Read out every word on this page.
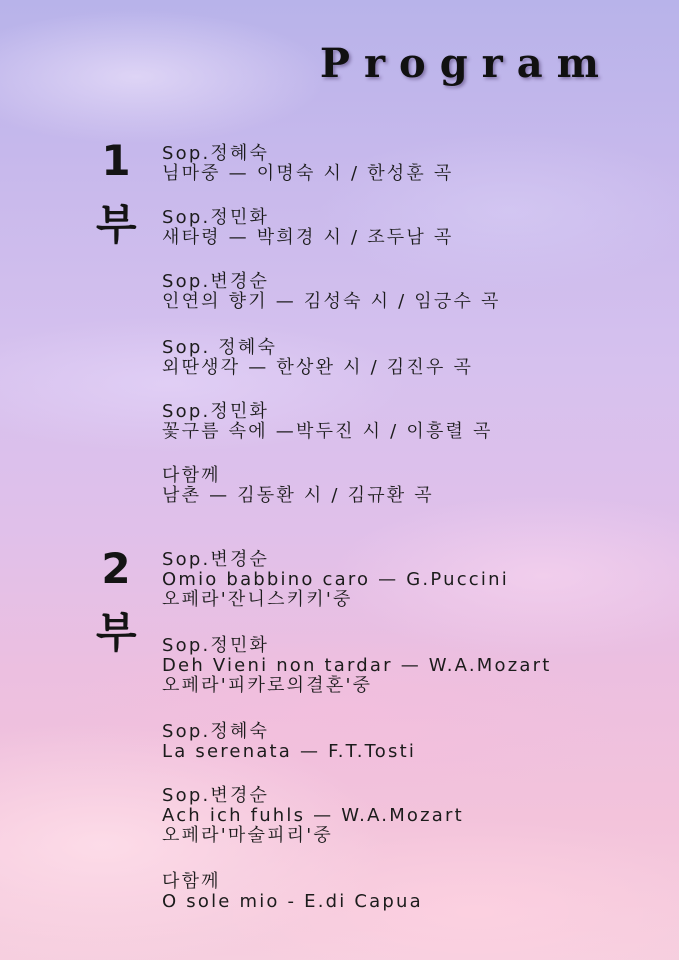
Program
1
부
Sop.정혜숙
님마중 — 이명숙 시 / 한성훈 곡
Sop.정민화
새타령 — 박희경 시 / 조두남 곡
Sop.변경순
인연의 향기 — 김성숙 시 / 임긍수 곡
Sop. 정혜숙
외딴생각 — 한상완 시 / 김진우 곡
Sop.정민화
꽃구름 속에 —박두진 시 / 이흥렬 곡
다함께
남촌 — 김동환 시 / 김규환 곡
2
부
Sop.변경순
Omio babbino caro — G.Puccini
오페라'잔니스키키'중
Sop.정민화
Deh Vieni non tardar — W.A.Mozart
오페라'피카로의결혼'중
Sop.정혜숙
La serenata — F.T.Tosti
Sop.변경순
Ach ich fuhls — W.A.Mozart
오페라'마술피리'중
다함께
O sole mio - E.di Capua
